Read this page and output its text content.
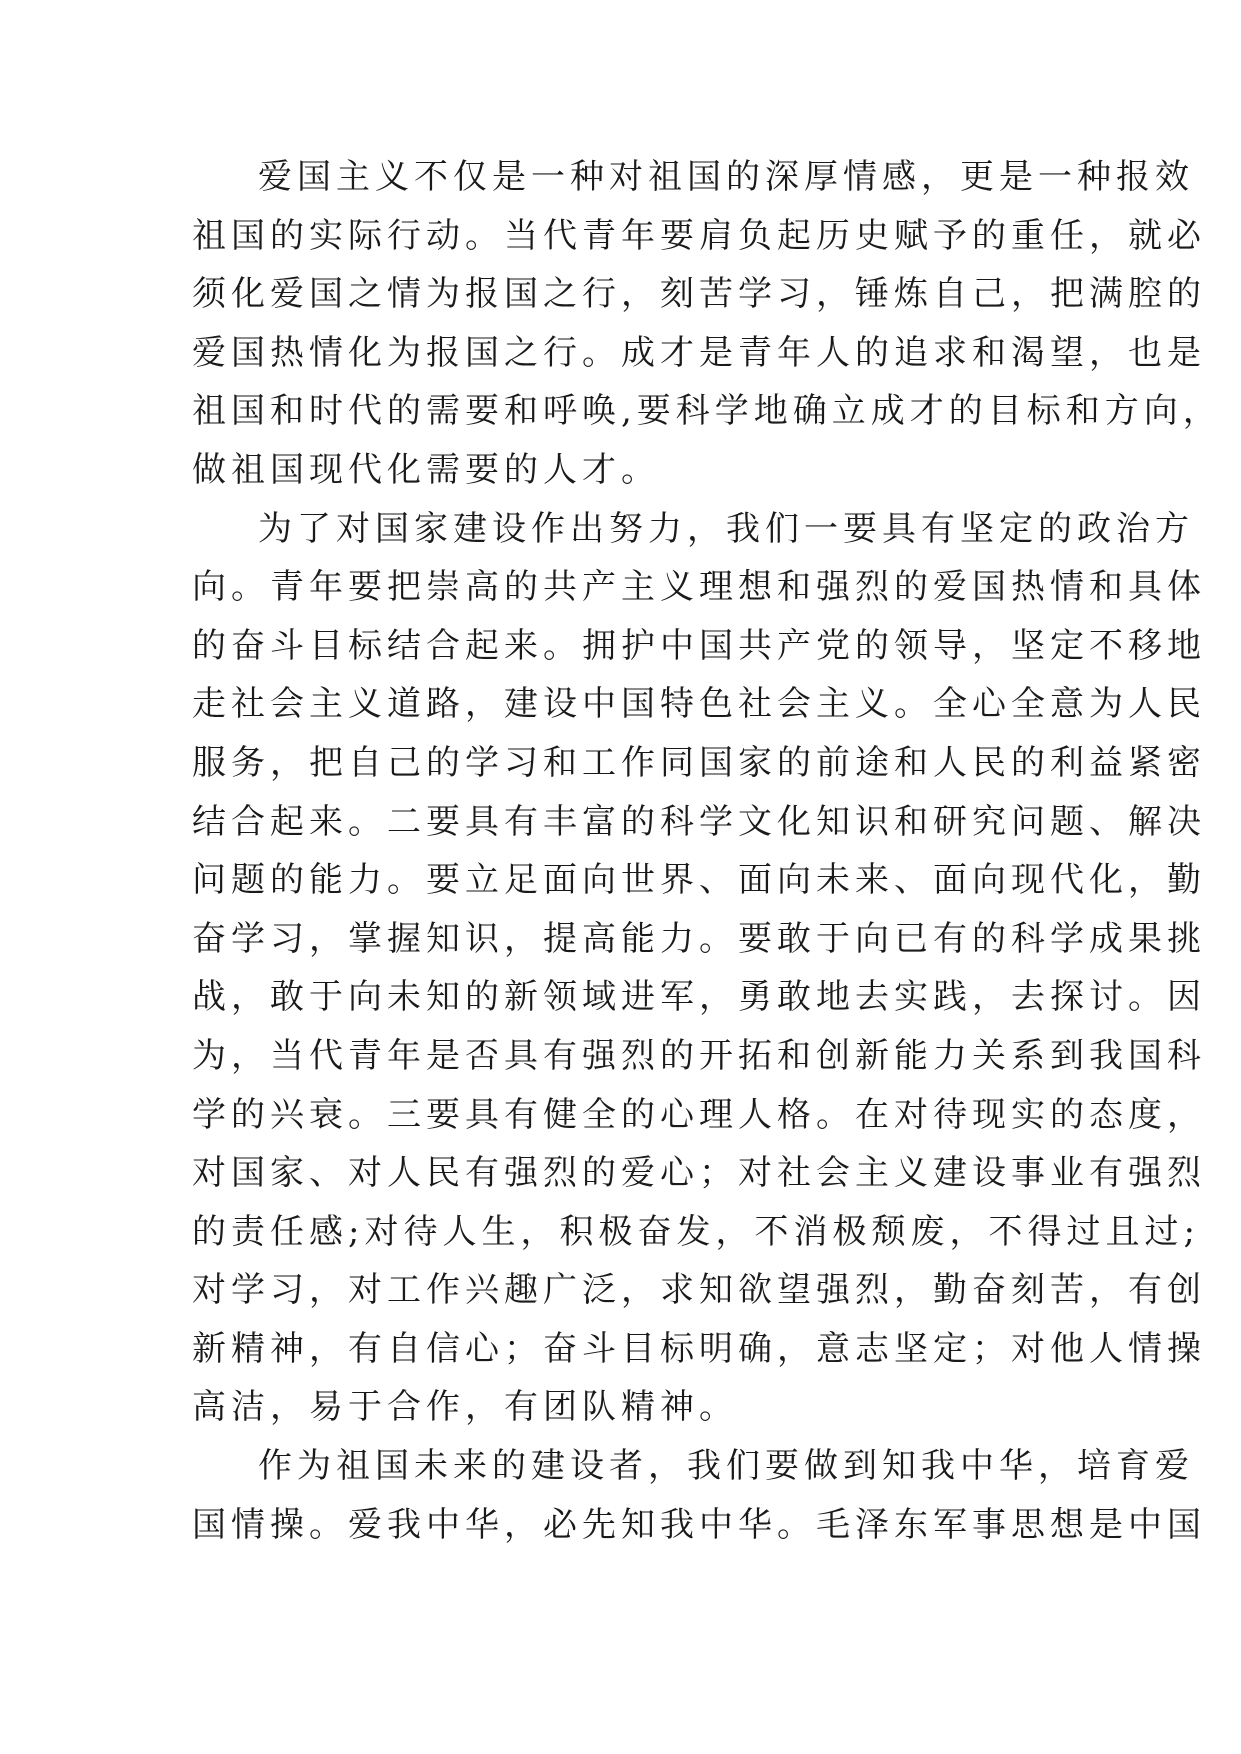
爱国主义不仅是一种对祖国的深厚情感，更是一种报效
祖国的实际行动。当代青年要肩负起历史赋予的重任，就必
须化爱国之情为报国之行，刻苦学习，锤炼自己，把满腔的
爱国热情化为报国之行。成才是青年人的追求和渴望，也是
祖国和时代的需要和呼唤,要科学地确立成才的目标和方向，
做祖国现代化需要的人才。
为了对国家建设作出努力，我们一要具有坚定的政治方
向。青年要把崇高的共产主义理想和强烈的爱国热情和具体
的奋斗目标结合起来。拥护中国共产党的领导，坚定不移地
走社会主义道路，建设中国特色社会主义。全心全意为人民
服务，把自己的学习和工作同国家的前途和人民的利益紧密
结合起来。二要具有丰富的科学文化知识和研究问题、解决
问题的能力。要立足面向世界、面向未来、面向现代化，勤
奋学习，掌握知识，提高能力。要敢于向已有的科学成果挑
战，敢于向未知的新领域进军，勇敢地去实践，去探讨。因
为，当代青年是否具有强烈的开拓和创新能力关系到我国科
学的兴衰。三要具有健全的心理人格。在对待现实的态度，
对国家、对人民有强烈的爱心；对社会主义建设事业有强烈
的责任感;对待人生，积极奋发，不消极颓废，不得过且过;
对学习，对工作兴趣广泛，求知欲望强烈，勤奋刻苦，有创
新精神，有自信心；奋斗目标明确，意志坚定；对他人情操
高洁，易于合作，有团队精神。
作为祖国未来的建设者，我们要做到知我中华，培育爱
国情操。爱我中华，必先知我中华。毛泽东军事思想是中国
